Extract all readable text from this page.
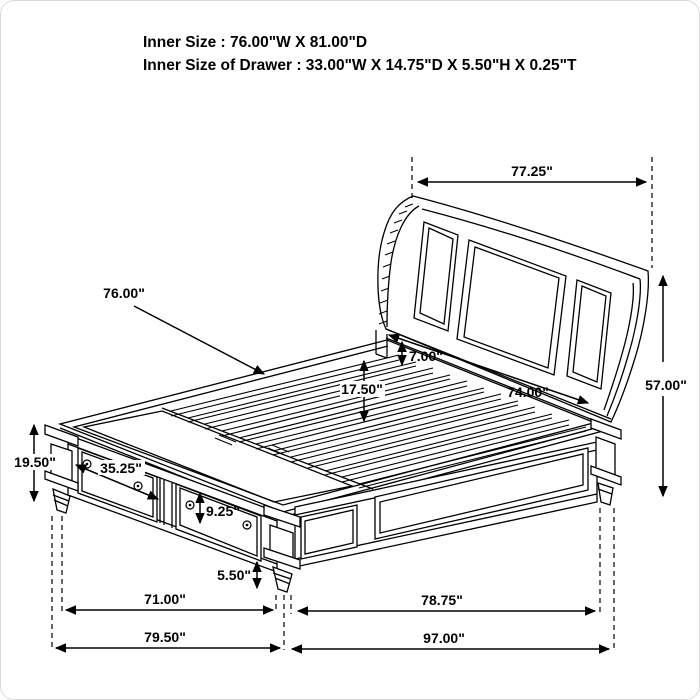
77.25"
57.00"
76.00"
7.00"
17.50"	74.00"
19.50"	35.25"
9.25"
5.50"
71.00"	78.75"
79.50"	97.00"
Inner Size : 76.00"W X 81.00"D
Inner Size of Drawer : 33.00"W X 14.75"D X 5.50"H X 0.25"T
